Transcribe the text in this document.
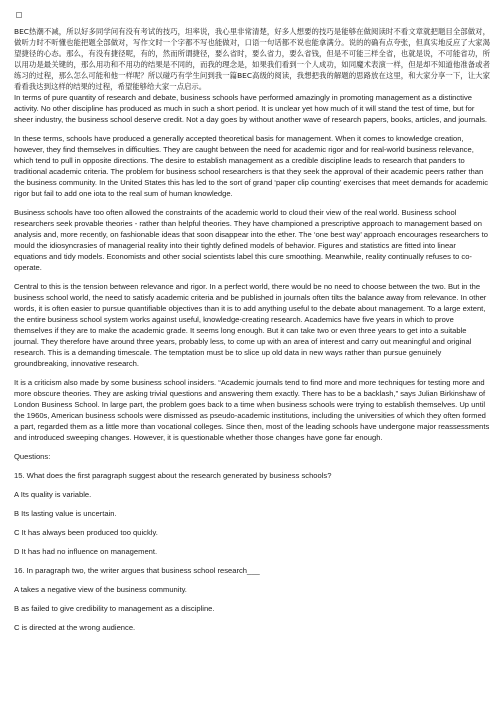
BEC热潮不减，所以好多同学问有没有考试的技巧，坦率说，我心里非常清楚，好多人想要的技巧是能够在做阅读时不看文章就把题目全部做对，做听力时不听懂也能把题全部做对，写作文时一个字都不写也能做对，口语一句话都不说也能拿满分。说的的确有点夸张，但真实地反应了大家渴望捷径的心态。那么，有没有捷径呢，有的，然而所谓捷径，要么省时，要么省力，要么省钱，但是不可能三样全省，也就是说，不可能省功，所以用功是最关键的，那么用功和不用功的结果是不同的，而我的理念是，如果我们看到一个人成功，如同魔术表演一样，但是却不知道他准备或者练习的过程，那么怎么可能和他一样呢？所以碰巧有学生问到我一篇BEC高级的阅读，我想把我的解题的思路放在这里，和大家分享一下，让大家看看我达到这样的结果的过程，希望能够给大家一点启示。
In terms of pure quantity of research and debate, business schools have performed amazingly in promoting management as a distinctive activity. No other discipline has produced as much in such a short period. It is unclear yet how much of it will stand the test of time, but for sheer industry, the business school deserve credit. Not a day goes by without another wave of research papers, books, articles, and journals.

In these terms, schools have produced a generally accepted theoretical basis for management. When it comes to knowledge creation, however, they find themselves in difficulties. They are caught between the need for academic rigor and for real-world business relevance, which tend to pull in opposite directions. The desire to establish management as a credible discipline leads to research that panders to traditional academic criteria. The problem for business school researchers is that they seek the approval of their academic peers rather than the business community. In the United States this has led to the sort of grand ‘paper clip counting’ exercises that meet demands for academic rigor but fail to add one iota to the real sum of human knowledge.

Business schools have too often allowed the constraints of the academic world to cloud their view of the real world. Business school researchers seek provable theories - rather than helpful theories. They have championed a prescriptive approach to management based on analysis and, more recently, on fashionable ideas that soon disappear into the ether. The ‘one best way’ approach encourages researchers to mould the idiosyncrasies of managerial reality into their tightly defined models of behavior. Figures and statistics are fitted into linear equations and tidy models. Economists and other social scientists label this cure smoothing. Meanwhile, reality continually refuses to co-operate.

Central to this is the tension between relevance and rigor. In a perfect world, there would be no need to choose between the two. But in the business school world, the need to satisfy academic criteria and be published in journals often tilts the balance away from relevance. In other words, it is often easier to pursue quantifiable objectives than it is to add anything useful to the debate about management. To a large extent, the entire business school system works against useful, knowledge-creating research. Academics have five years in which to prove themselves if they are to make the academic grade. It seems long enough. But it can take two or even three years to get into a suitable journal. They therefore have around three years, probably less, to come up with an area of interest and carry out meaningful and original research. This is a demanding timescale. The temptation must be to slice up old data in new ways rather than pursue genuinely groundbreaking, innovative research.

It is a criticism also made by some business school insiders. “Academic journals tend to find more and more techniques for testing more and more obscure theories. They are asking trivial questions and answering them exactly. There has to be a backlash,” says Julian Birkinshaw of London Business School. In large part, the problem goes back to a time when business schools were trying to establish themselves. Up until the 1960s, American business schools were dismissed as pseudo-academic institutions, including the universities of which they often formed a part, regarded them as a little more than vocational colleges. Since then, most of the leading schools have undergone major reassessments and introduced sweeping changes. However, it is questionable whether those changes have gone far enough.

Questions:
15. What does the first paragraph suggest about the research generated by business schools?
A Its quality is variable.
B Its lasting value is uncertain.
C It has always been produced too quickly.
D It has had no influence on management.
16. In paragraph two, the writer argues that business school research___
A takes a negative view of the business community.
B as failed to give credibility to management as a discipline.
C is directed at the wrong audience.
